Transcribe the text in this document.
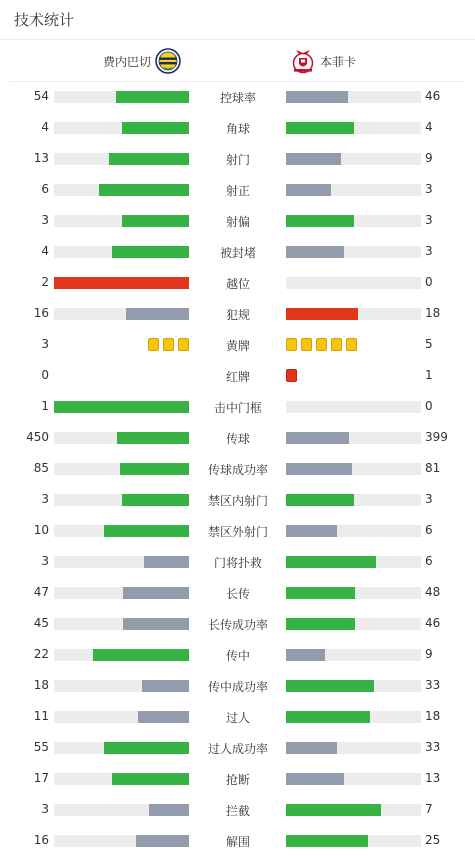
技术统计
费内巴切	本菲卡
54	控球率	46
4	角球	4
13	射门	9
6	射正	3
3	射偏	3
4	被封堵	3
2	越位	0
16	犯规	18
3	黄牌	5
0	红牌	1
1	击中门框	0
450	传球	399
85	传球成功率	81
3	禁区内射门	3
10	禁区外射门	6
3	门将扑救	6
47	长传	48
45	长传成功率	46
22	传中	9
18	传中成功率	33
11	过人	18
55	过人成功率	33
17	抢断	13
3	拦截	7
16	解围	25
